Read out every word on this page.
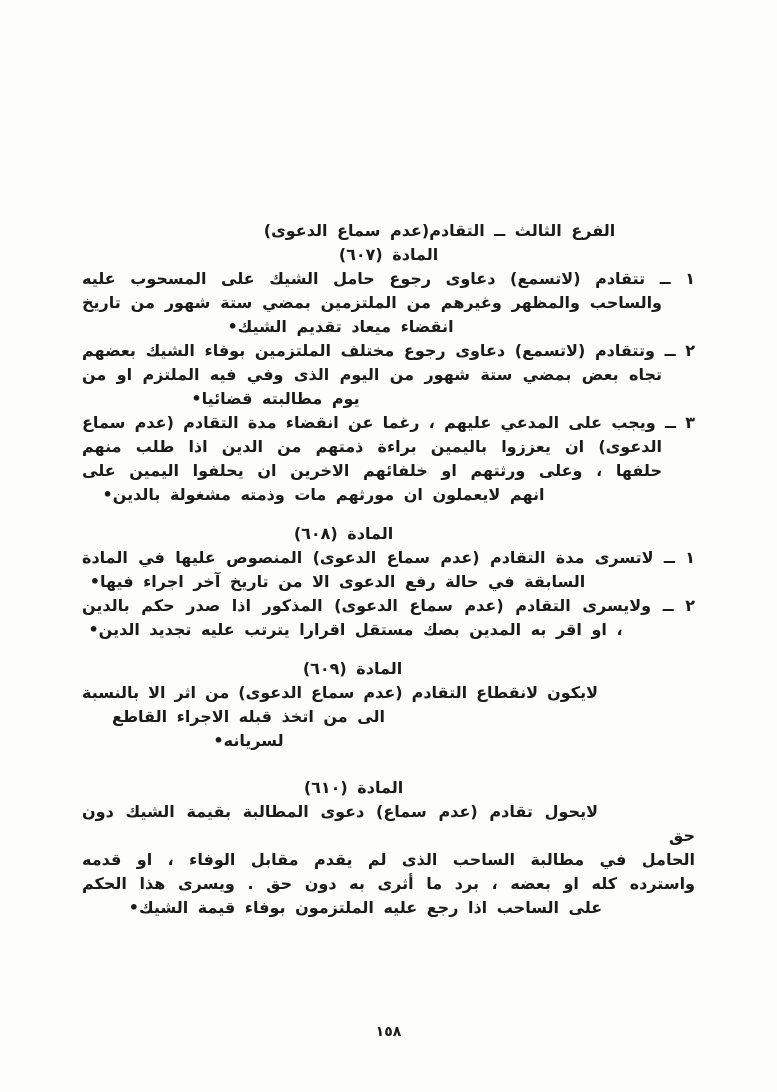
الفرع الثالث ــ التقادم(عدم سماع الدعوى)
المادة (٦٠٧)
١ ــ تتقادم (لاتسمع) دعاوى رجوع حامل الشيك على المسحوب عليه
والساحب والمظهر وغيرهم من الملتزمين بمضي ستة شهور من تاريخ
انقضاء ميعاد تقديم الشيك•
٢ ــ وتتقادم (لاتسمع) دعاوى رجوع مختلف الملتزمين بوفاء الشيك بعضهم
تجاه بعض بمضي ستة شهور من اليوم الذى وفي فيه الملتزم او من
يوم مطالبته قضائيا•
٣ ــ ويجب على المدعي عليهم ، رغما عن انقضاء مدة التقادم (عدم سماع
الدعوى) ان يعززوا باليمين براءة ذمتهم من الدين اذا طلب منهم
حلفها ، وعلى ورثتهم او خلفائهم الاخرين ان يحلفوا اليمين على
انهم لايعملون ان مورثهم مات وذمته مشغولة بالدين•
المادة (٦٠٨)
١ ــ لاتسرى مدة التقادم (عدم سماع الدعوى) المنصوص عليها في المادة
السابقة في حالة رفع الدعوى الا من تاريخ آخر اجراء فيها•
٢ ــ ولايسرى التقادم (عدم سماع الدعوى) المذكور اذا صدر حكم بالدين
، او اقر به المدين بصك مستقل اقرارا يترتب عليه تجديد الدين•
المادة (٦٠٩)
لايكون لانقطاع التقادم (عدم سماع الدعوى) من اثر الا بالنسبة
الى من اتخذ قبله الاجراء القاطع لسريانه•
المادة (٦١٠)
لايحول تقادم (عدم سماع) دعوى المطالبة بقيمة الشيك دون حق
الحامل في مطالبة الساحب الذى لم يقدم مقابل الوفاء ، او قدمه
واسترده كله او بعضه ، برد ما أثرى به دون حق . ويسرى هذا الحكم
على الساحب اذا رجع عليه الملتزمون بوفاء قيمة الشيك•
١٥٨
